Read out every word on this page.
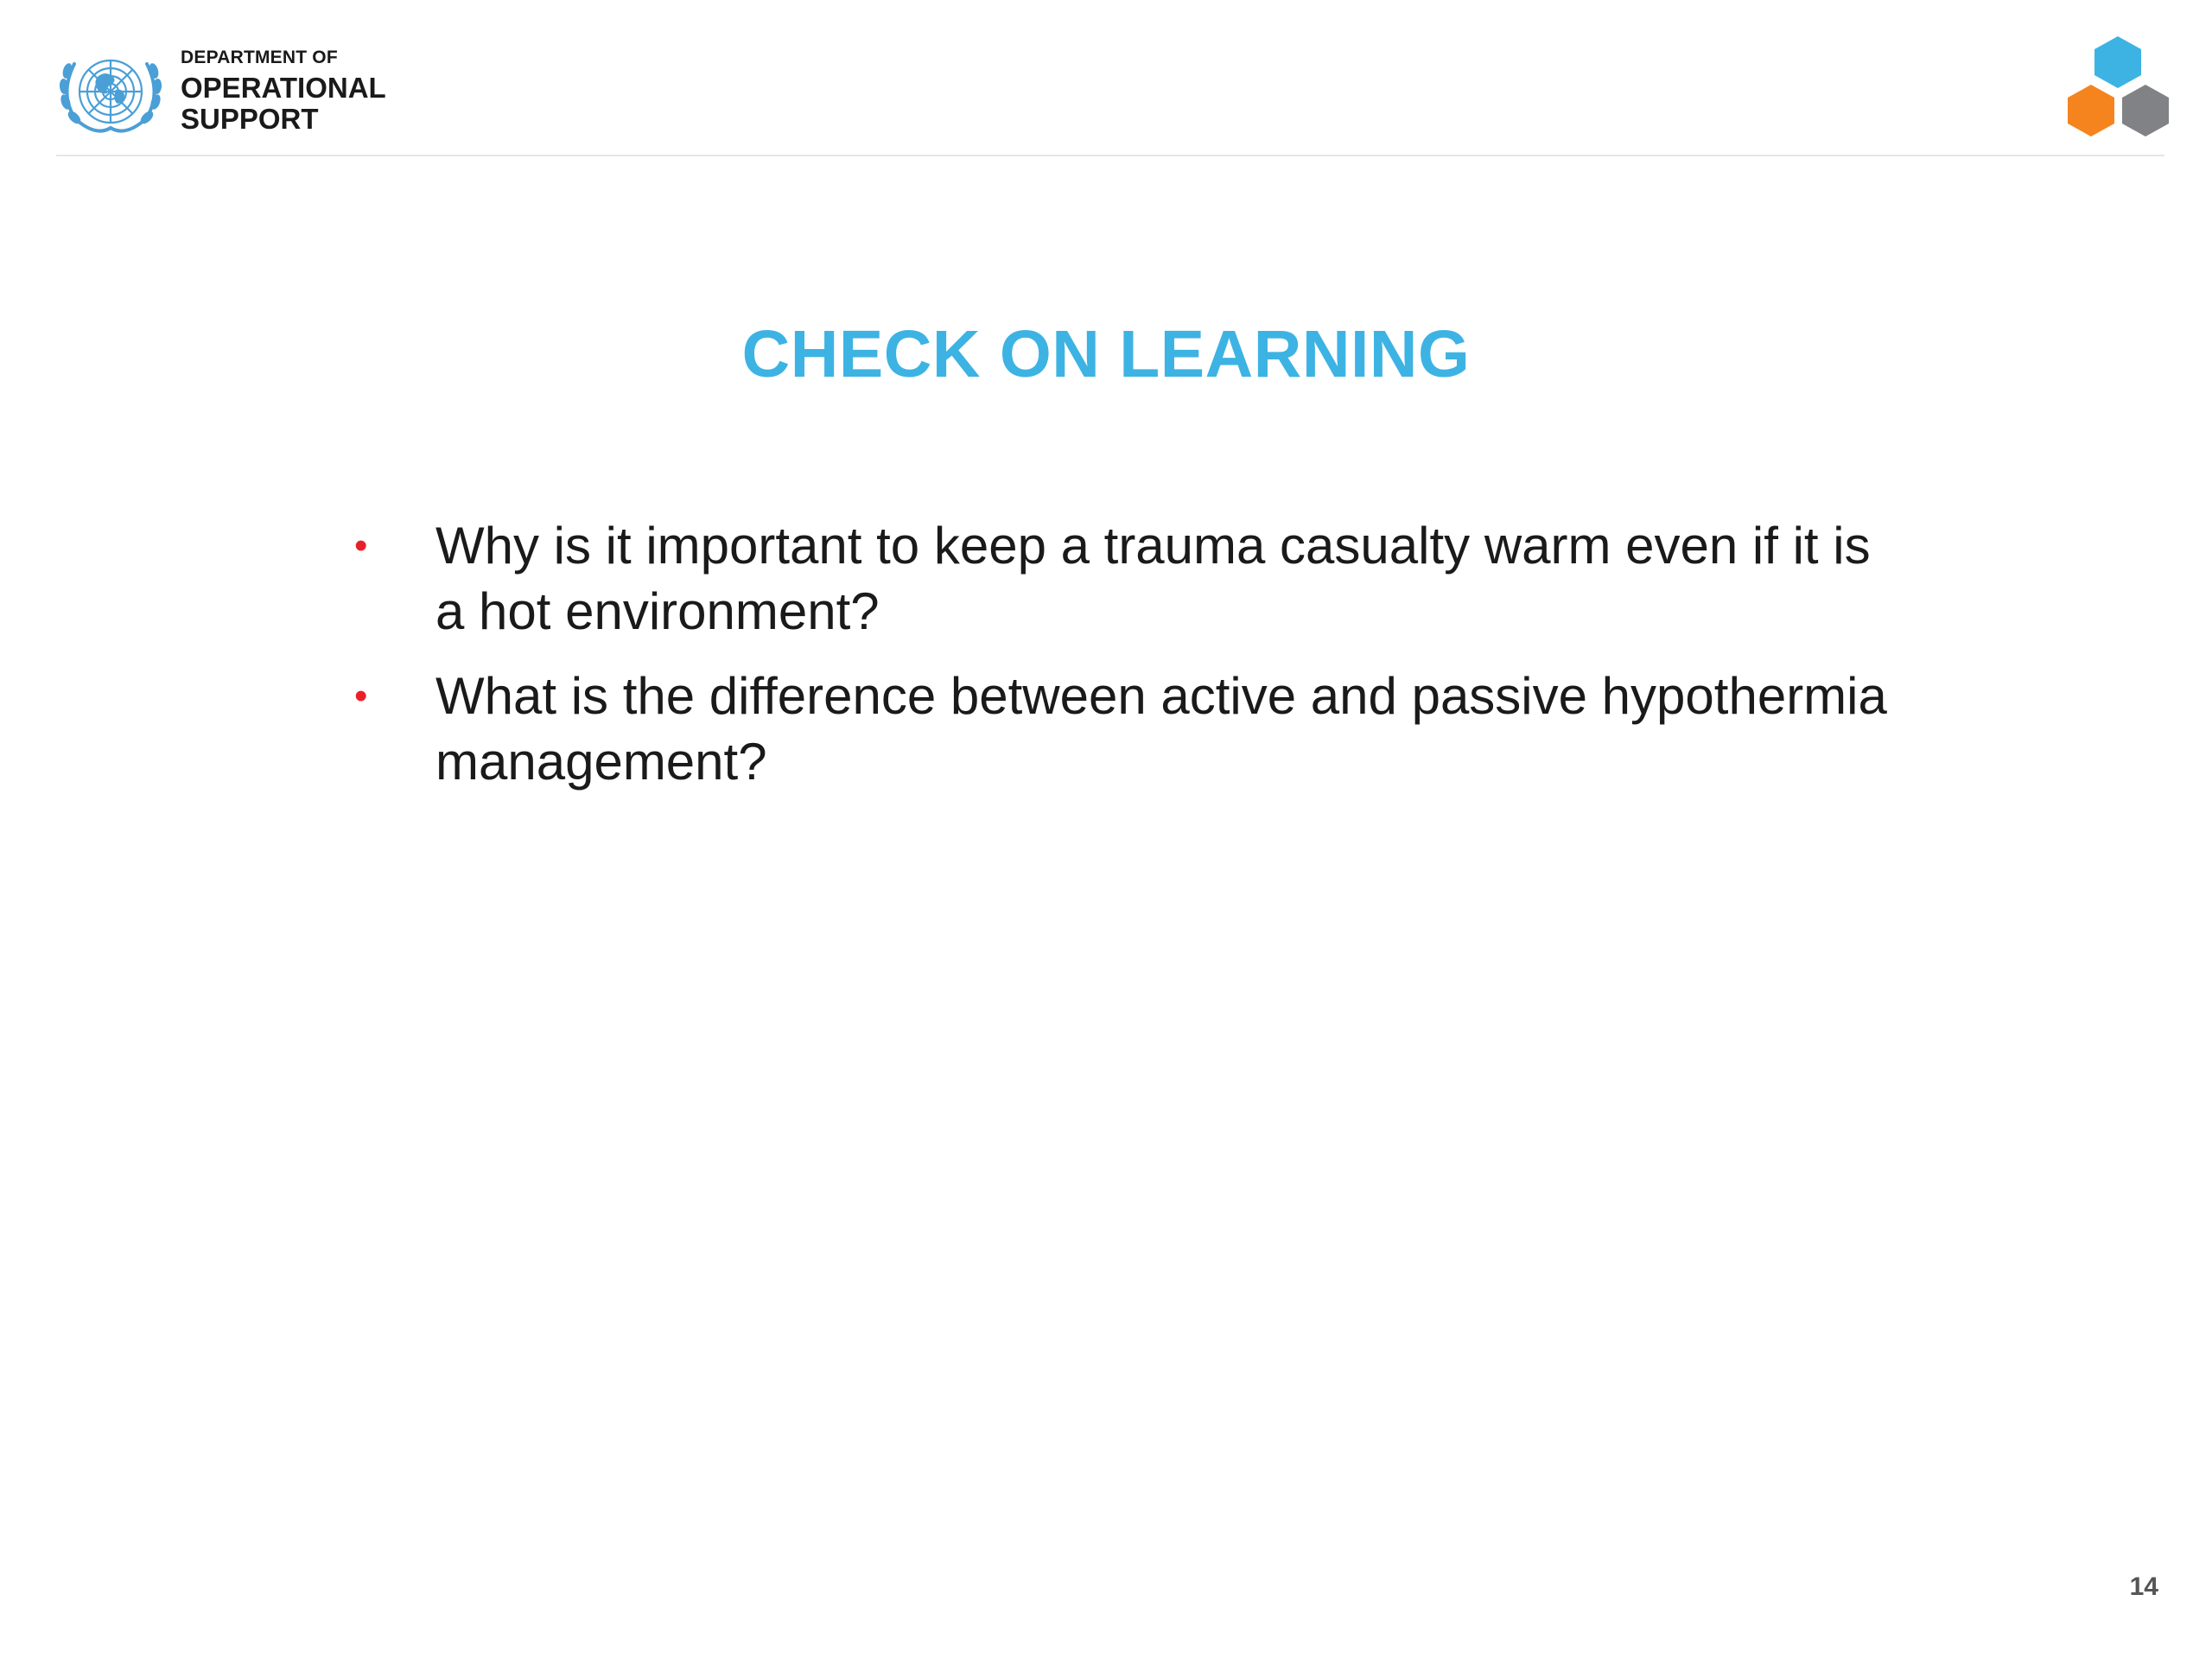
DEPARTMENT OF
OPERATIONAL
SUPPORT
CHECK ON LEARNING
•	Why is it important to keep a trauma casualty warm even if it is a hot environment?
•	What is the difference between active and passive hypothermia management?
14
